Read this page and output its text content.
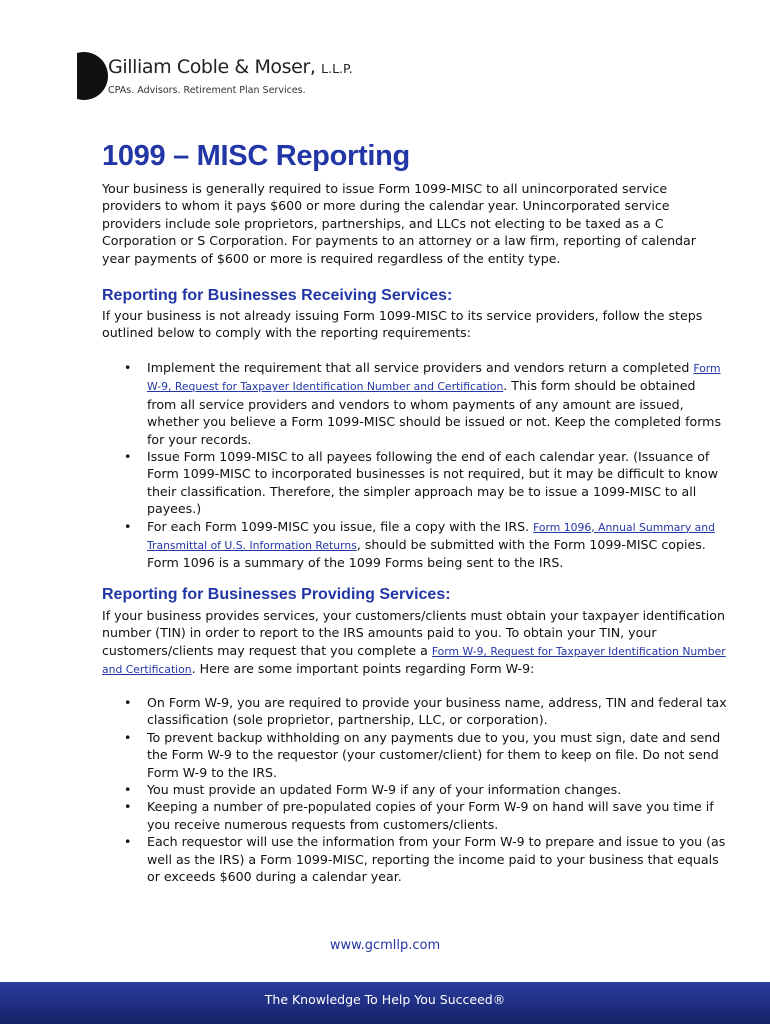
Gilliam Coble & Moser, L.L.P.
CPAs. Advisors. Retirement Plan Services.
1099 – MISC Reporting

Your business is generally required to issue Form 1099-MISC to all unincorporated service providers to whom it pays $600 or more during the calendar year. Unincorporated service providers include sole proprietors, partnerships, and LLCs not electing to be taxed as a C Corporation or S Corporation. For payments to an attorney or a law firm, reporting of calendar year payments of $600 or more is required regardless of the entity type.

Reporting for Businesses Receiving Services:

If your business is not already issuing Form 1099-MISC to its service providers, follow the steps outlined below to comply with the reporting requirements:

• Implement the requirement that all service providers and vendors return a completed Form W-9, Request for Taxpayer Identification Number and Certification. This form should be obtained from all service providers and vendors to whom payments of any amount are issued, whether you believe a Form 1099-MISC should be issued or not. Keep the completed forms for your records.
• Issue Form 1099-MISC to all payees following the end of each calendar year. (Issuance of Form 1099-MISC to incorporated businesses is not required, but it may be difficult to know their classification. Therefore, the simpler approach may be to issue a 1099-MISC to all payees.)
• For each Form 1099-MISC you issue, file a copy with the IRS. Form 1096, Annual Summary and Transmittal of U.S. Information Returns, should be submitted with the Form 1099-MISC copies. Form 1096 is a summary of the 1099 Forms being sent to the IRS.
Reporting for Businesses Providing Services:

If your business provides services, your customers/clients must obtain your taxpayer identification number (TIN) in order to report to the IRS amounts paid to you. To obtain your TIN, your customers/clients may request that you complete a Form W-9, Request for Taxpayer Identification Number and Certification. Here are some important points regarding Form W-9:

• On Form W-9, you are required to provide your business name, address, TIN and federal tax classification (sole proprietor, partnership, LLC, or corporation).
• To prevent backup withholding on any payments due to you, you must sign, date and send the Form W-9 to the requestor (your customer/client) for them to keep on file. Do not send Form W-9 to the IRS.
• You must provide an updated Form W-9 if any of your information changes.
• Keeping a number of pre-populated copies of your Form W-9 on hand will save you time if you receive numerous requests from customers/clients.
• Each requestor will use the information from your Form W-9 to prepare and issue to you (as well as the IRS) a Form 1099-MISC, reporting the income paid to your business that equals or exceeds $600 during a calendar year.
www.gcmllp.com
The Knowledge To Help You Succeed®
